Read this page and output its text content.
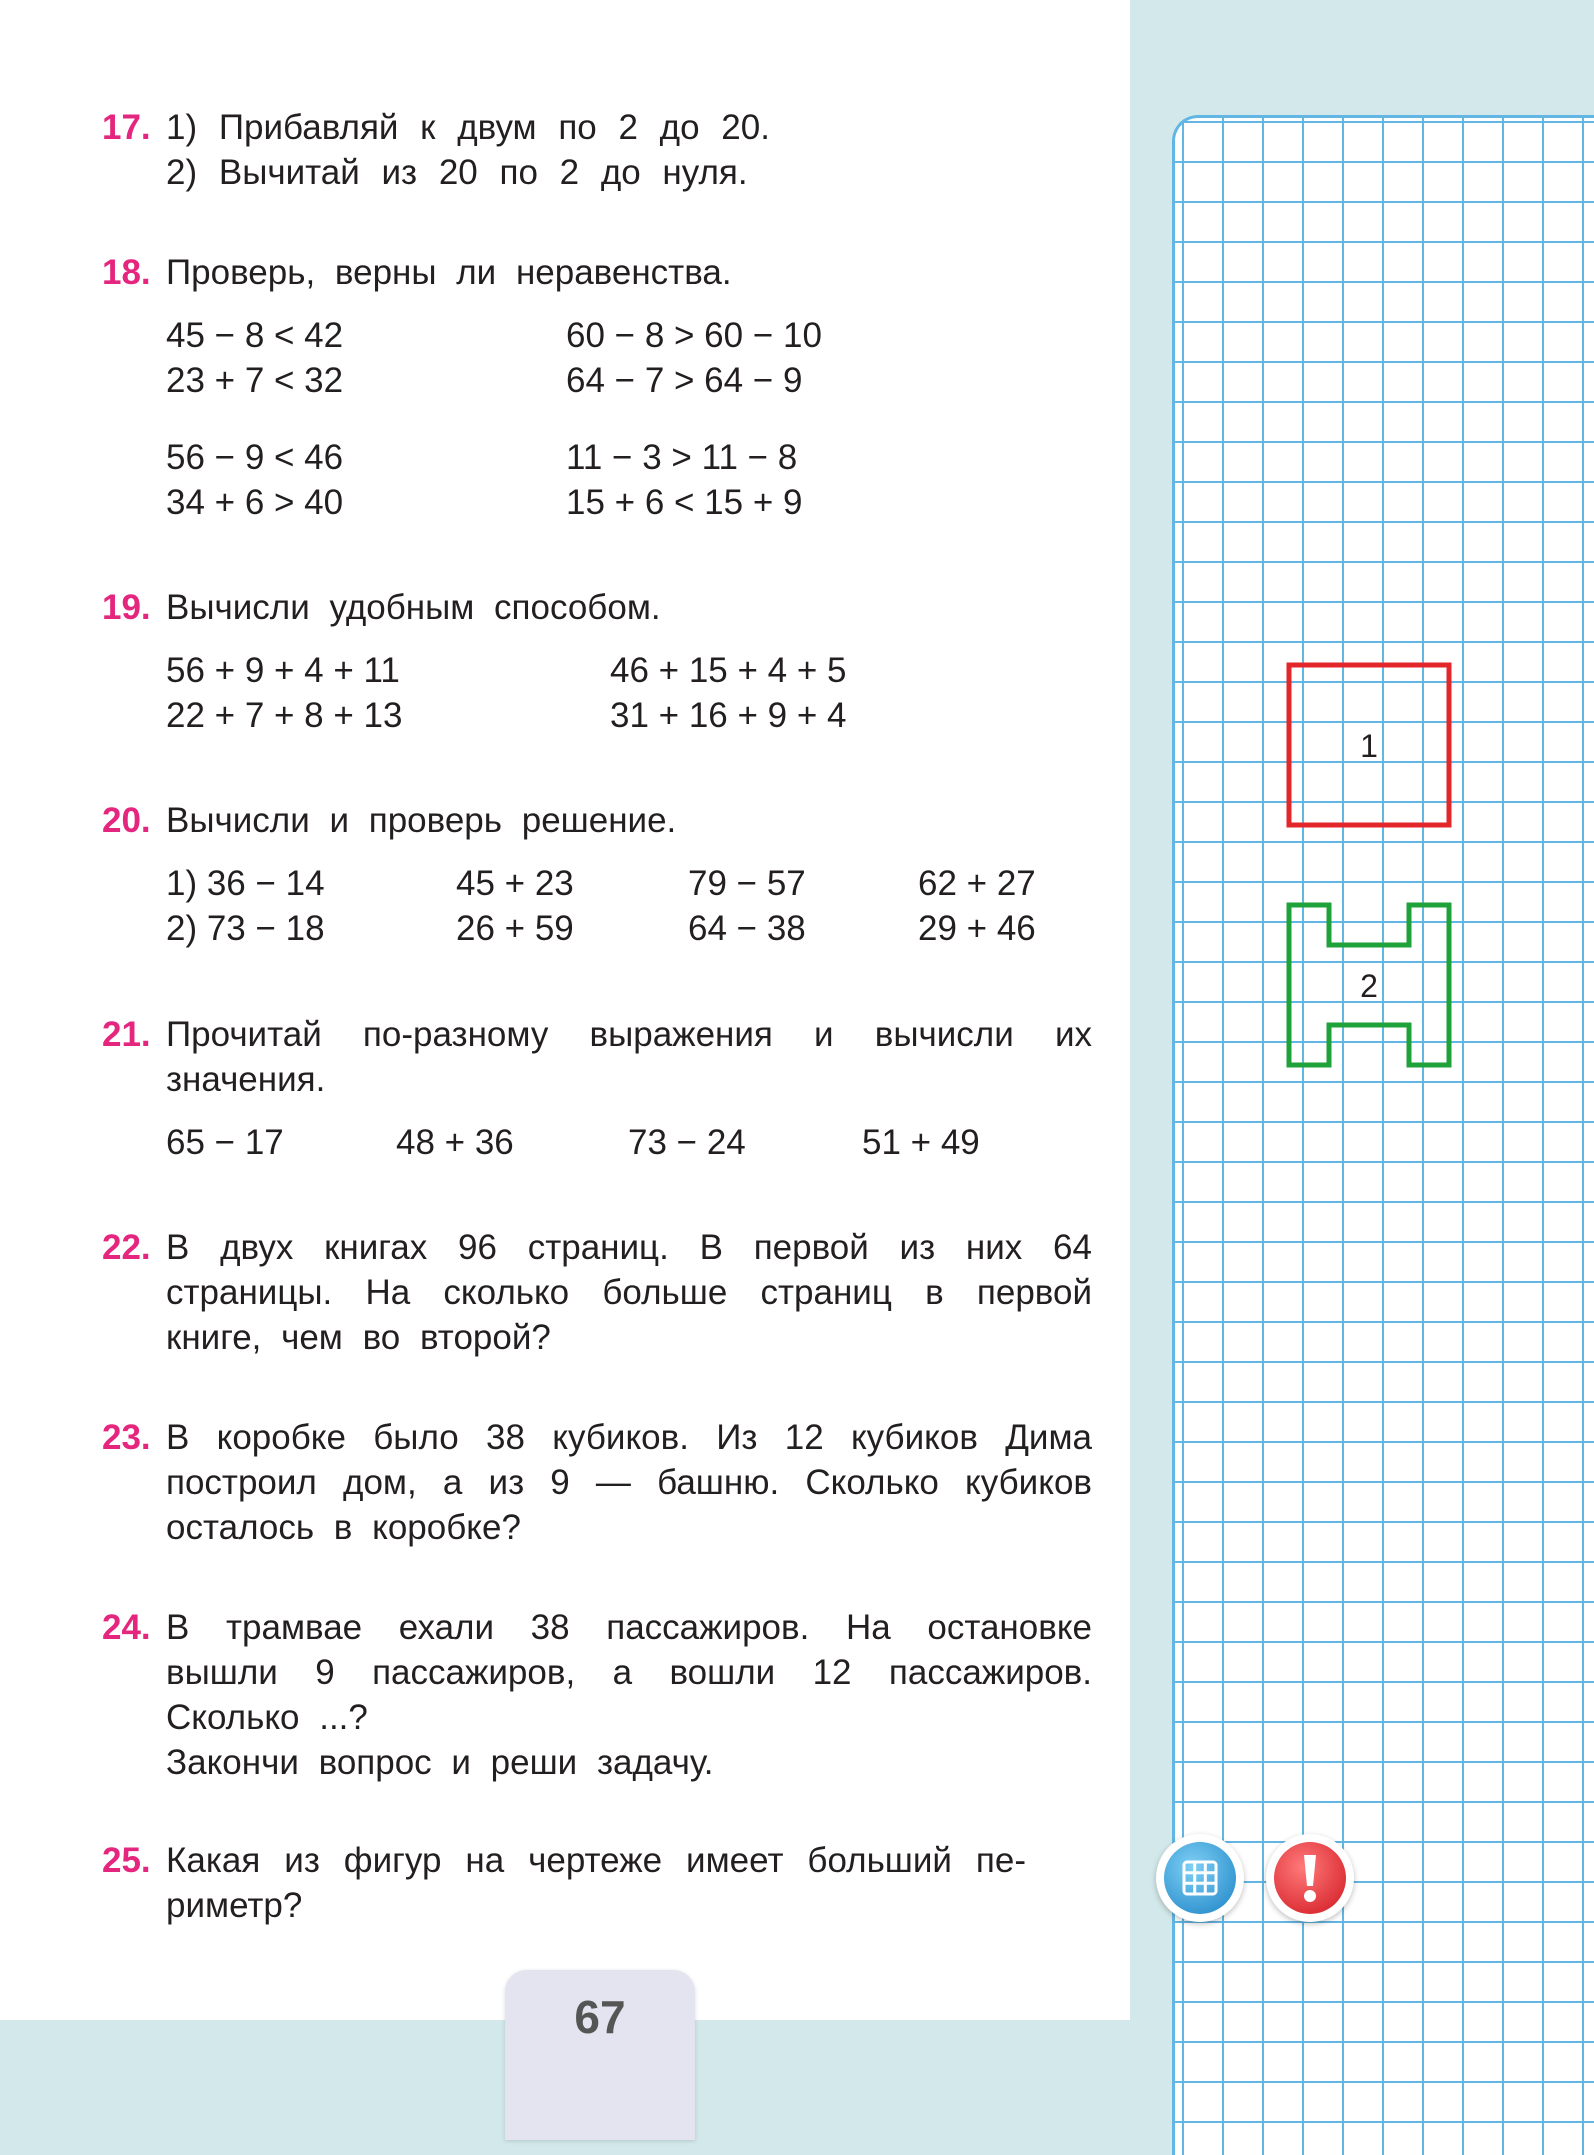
17. 1) Прибавляй к двум по 2 до 20.
2) Вычитай из 20 по 2 до нуля.
18. Проверь, верны ли неравенства.
45 − 8 < 42	60 − 8 > 60 − 10
23 + 7 < 32	64 − 7 > 64 − 9
56 − 9 < 46	11 − 3 > 11 − 8
34 + 6 > 40	15 + 6 < 15 + 9
19. Вычисли удобным способом.
56 + 9 + 4 + 11	46 + 15 + 4 + 5
22 + 7 + 8 + 13	31 + 16 + 9 + 4
20. Вычисли и проверь решение.
1) 36 − 14	45 + 23	79 − 57	62 + 27
2) 73 − 18	26 + 59	64 − 38	29 + 46
21. Прочитай по-разному выражения и вычисли их значения.
65 − 17	48 + 36	73 − 24	51 + 49
22. В двух книгах 96 страниц. В первой из них 64 страницы. На сколько больше страниц в первой книге, чем во второй?
23. В коробке было 38 кубиков. Из 12 кубиков Дима построил дом, а из 9 — башню. Сколько кубиков осталось в коробке?
24. В трамвае ехали 38 пассажиров. На остановке вышли 9 пассажиров, а вошли 12 пассажиров. Сколько ...?
Закончи вопрос и реши задачу.
25. Какая из фигур на чертеже имеет больший пе-риметр?
1
2
67
